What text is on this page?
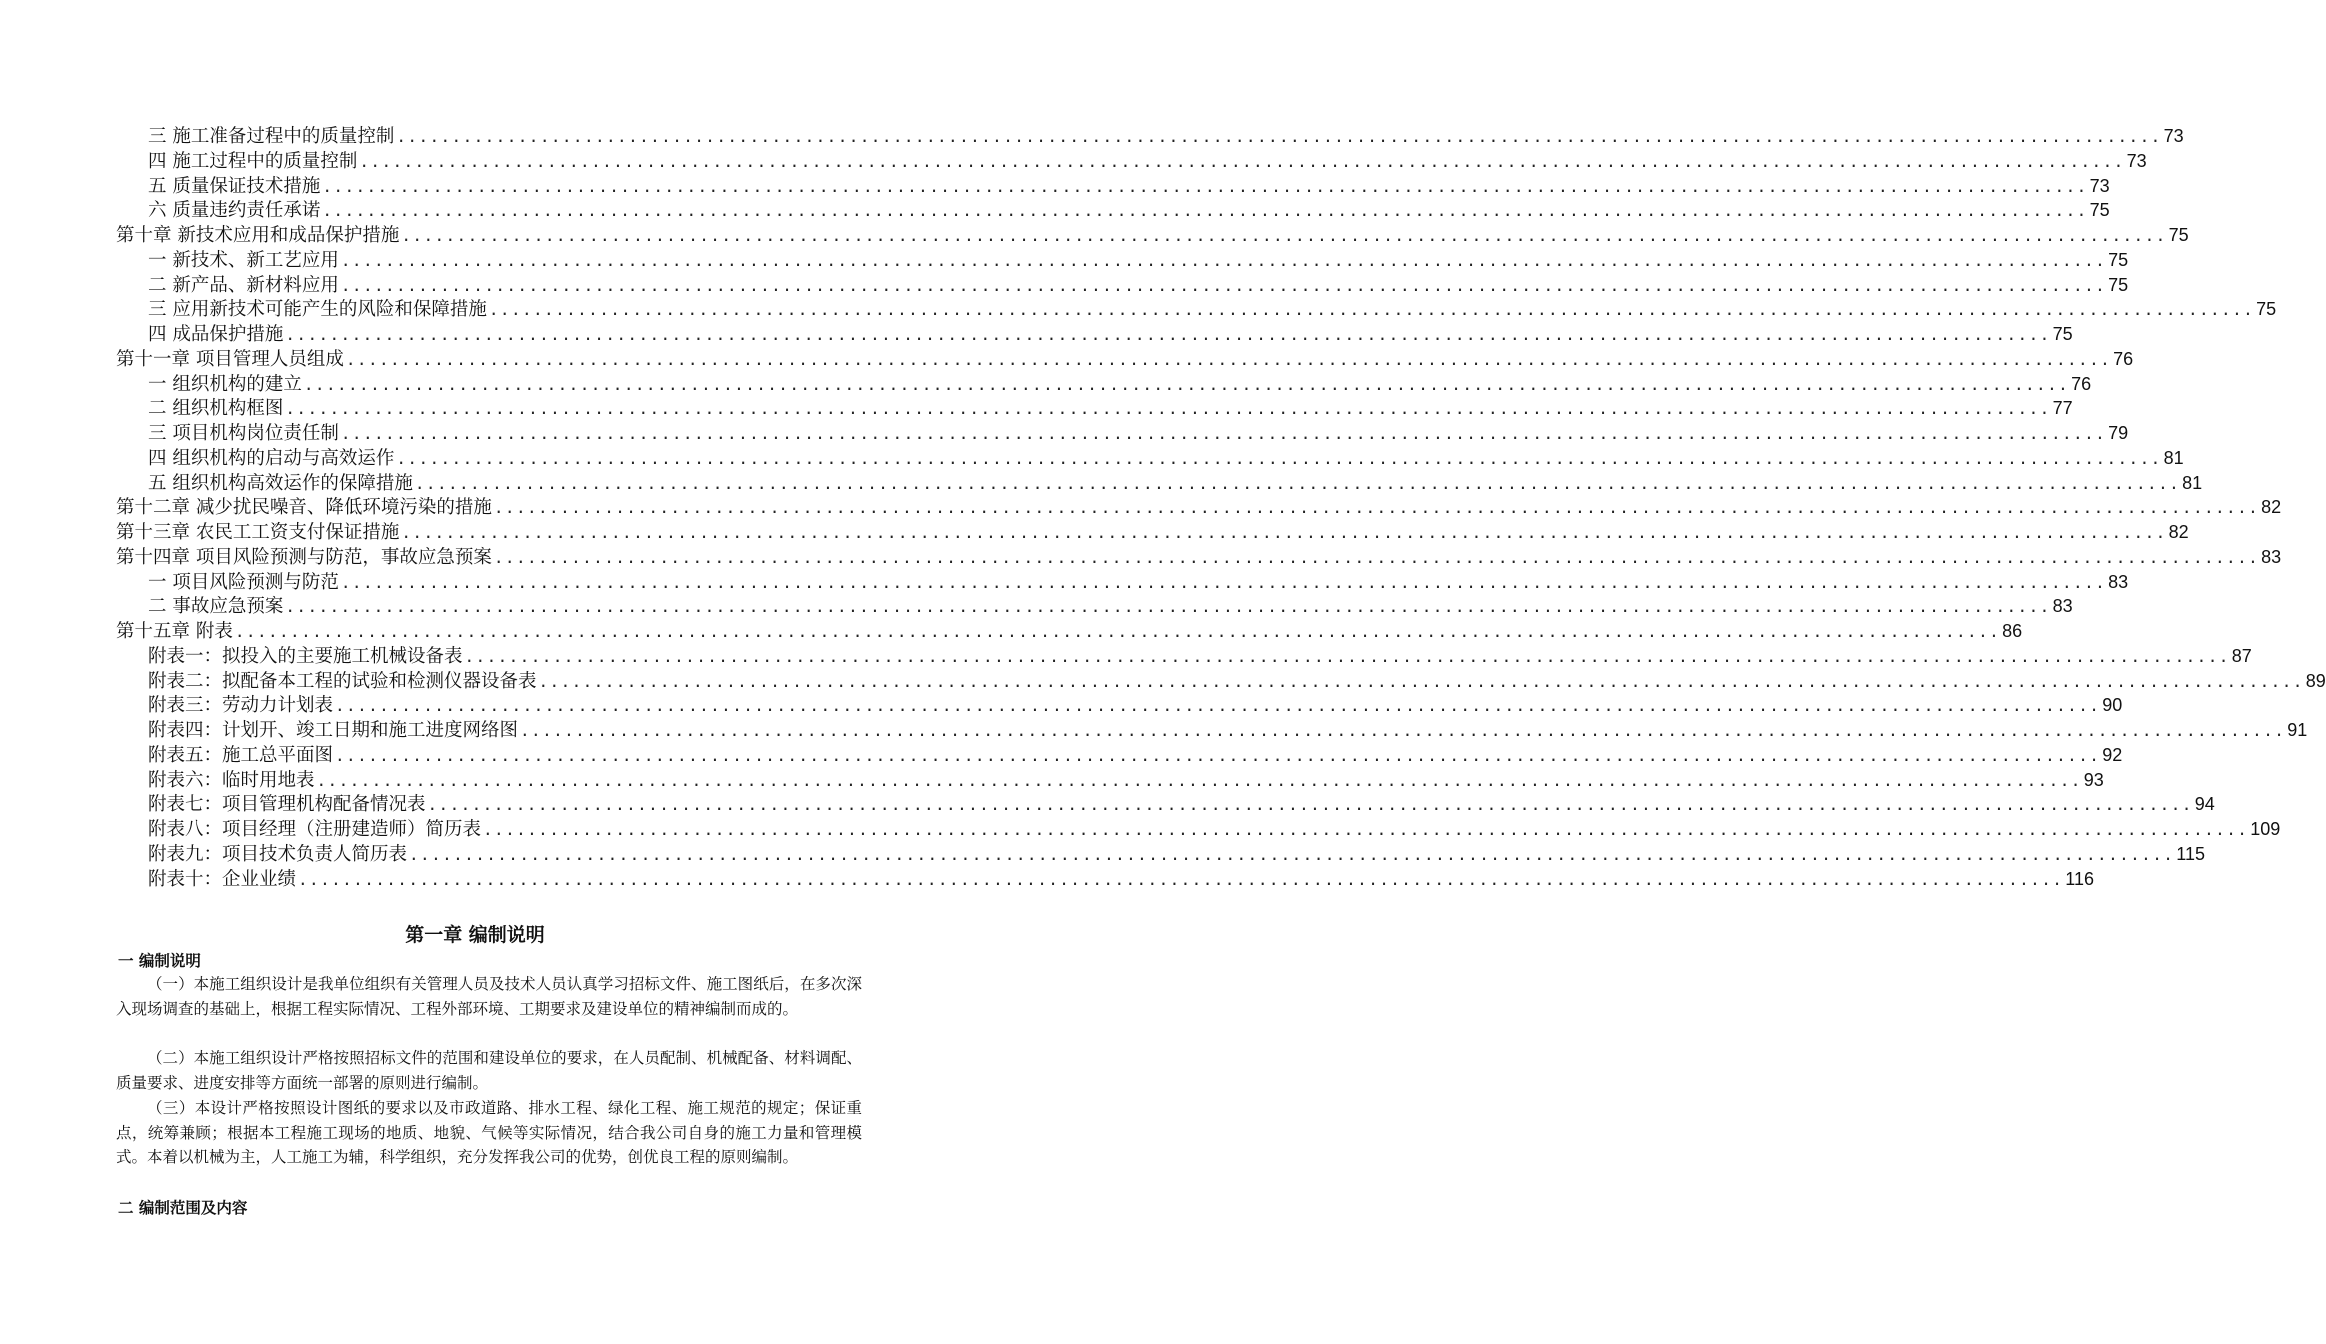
三 施工准备过程中的质量控制 ................................................................................................................................................................ 73
四 施工过程中的质量控制 ................................................................................................................................................................ 73
五 质量保证技术措施 ................................................................................................................................................................ 73
六 质量违约责任承诺 ................................................................................................................................................................ 75
第十章 新技术应用和成品保护措施 ................................................................................................................................................................ 75
一 新技术、新工艺应用 ................................................................................................................................................................ 75
二 新产品、新材料应用 ................................................................................................................................................................ 75
三 应用新技术可能产生的风险和保障措施 ................................................................................................................................................................ 75
四 成品保护措施 ................................................................................................................................................................ 75
第十一章 项目管理人员组成 ................................................................................................................................................................ 76
一 组织机构的建立 ................................................................................................................................................................ 76
二 组织机构框图 ................................................................................................................................................................ 77
三 项目机构岗位责任制 ................................................................................................................................................................ 79
四 组织机构的启动与高效运作 ................................................................................................................................................................ 81
五 组织机构高效运作的保障措施 ................................................................................................................................................................ 81
第十二章 减少扰民噪音、降低环境污染的措施 ................................................................................................................................................................ 82
第十三章 农民工工资支付保证措施 ................................................................................................................................................................ 82
第十四章 项目风险预测与防范，事故应急预案 ................................................................................................................................................................ 83
一 项目风险预测与防范 ................................................................................................................................................................ 83
二 事故应急预案 ................................................................................................................................................................ 83
第十五章 附表 ................................................................................................................................................................ 86
附表一：拟投入的主要施工机械设备表 ................................................................................................................................................................ 87
附表二：拟配备本工程的试验和检测仪器设备表 ................................................................................................................................................................ 89
附表三：劳动力计划表 ................................................................................................................................................................ 90
附表四：计划开、竣工日期和施工进度网络图 ................................................................................................................................................................ 91
附表五：施工总平面图 ................................................................................................................................................................ 92
附表六：临时用地表 ................................................................................................................................................................ 93
附表七：项目管理机构配备情况表 ................................................................................................................................................................ 94
附表八：项目经理（注册建造师）简历表 ................................................................................................................................................................ 109
附表九：项目技术负责人简历表 ................................................................................................................................................................ 115
附表十：企业业绩 ................................................................................................................................................................ 116
第一章 编制说明
一 编制说明
（一）本施工组织设计是我单位组织有关管理人员及技术人员认真学习招标文件、施工图纸后，在多次深入现场调查的基础上，根据工程实际情况、工程外部环境、工期要求及建设单位的精神编制而成的。
（二）本施工组织设计严格按照招标文件的范围和建设单位的要求，在人员配制、机械配备、材料调配、质量要求、进度安排等方面统一部署的原则进行编制。
（三）本设计严格按照设计图纸的要求以及市政道路、排水工程、绿化工程、施工规范的规定；保证重点，统筹兼顾；根据本工程施工现场的地质、地貌、气候等实际情况，结合我公司自身的施工力量和管理模式。本着以机械为主，人工施工为辅，科学组织，充分发挥我公司的优势，创优良工程的原则编制。
二 编制范围及内容
